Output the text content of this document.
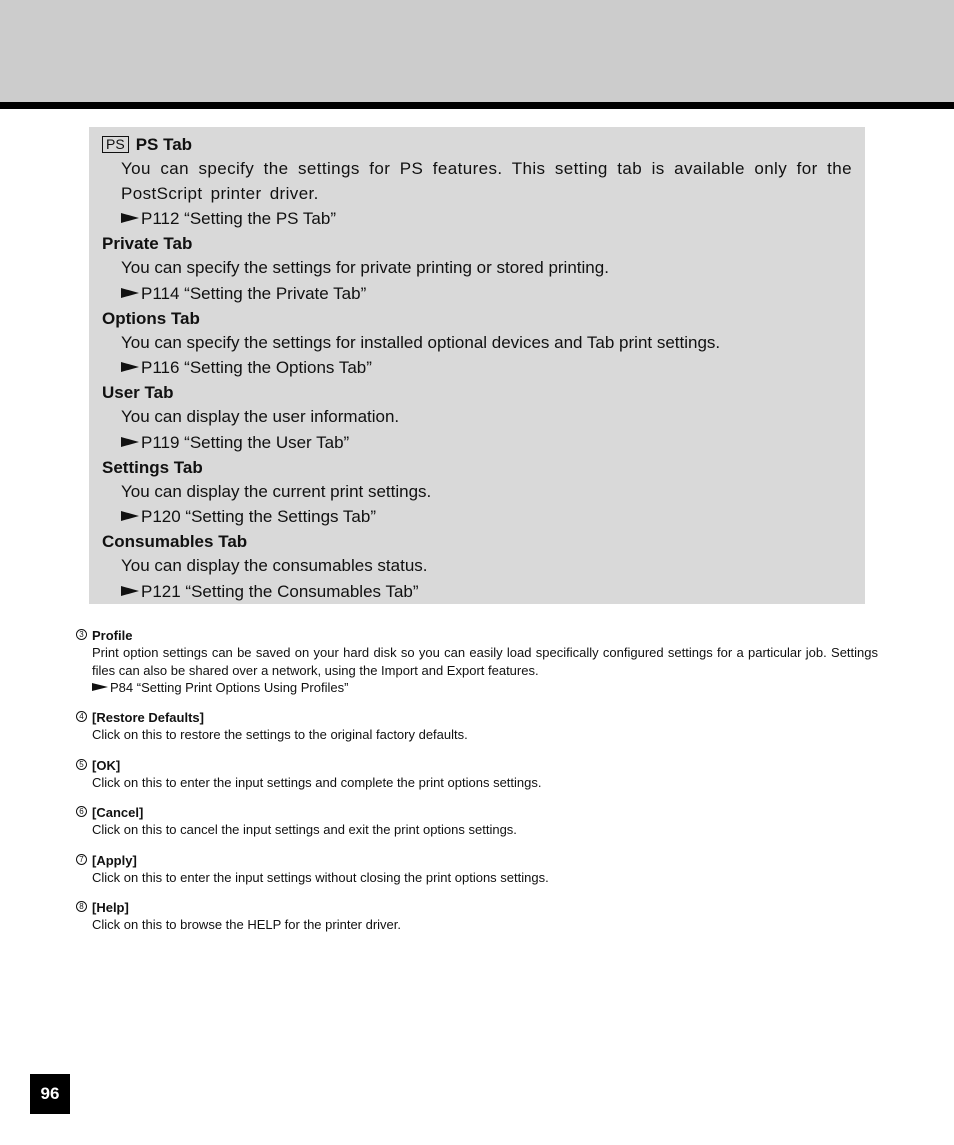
PS PS Tab
You can specify the settings for PS features. This setting tab is available only for the PostScript printer driver.
P112 “Setting the PS Tab”
Private Tab
You can specify the settings for private printing or stored printing.
P114 “Setting the Private Tab”
Options Tab
You can specify the settings for installed optional devices and Tab print settings.
P116 “Setting the Options Tab”
User Tab
You can display the user information.
P119 “Setting the User Tab”
Settings Tab
You can display the current print settings.
P120 “Setting the Settings Tab”
Consumables Tab
You can display the consumables status.
P121 “Setting the Consumables Tab”
3 Profile
Print option settings can be saved on your hard disk so you can easily load specifically configured settings for a particular job. Settings files can also be shared over a network, using the Import and Export features.
P84 “Setting Print Options Using Profiles”
4 [Restore Defaults]
Click on this to restore the settings to the original factory defaults.
5 [OK]
Click on this to enter the input settings and complete the print options settings.
6 [Cancel]
Click on this to cancel the input settings and exit the print options settings.
7 [Apply]
Click on this to enter the input settings without closing the print options settings.
8 [Help]
Click on this to browse the HELP for the printer driver.
96
